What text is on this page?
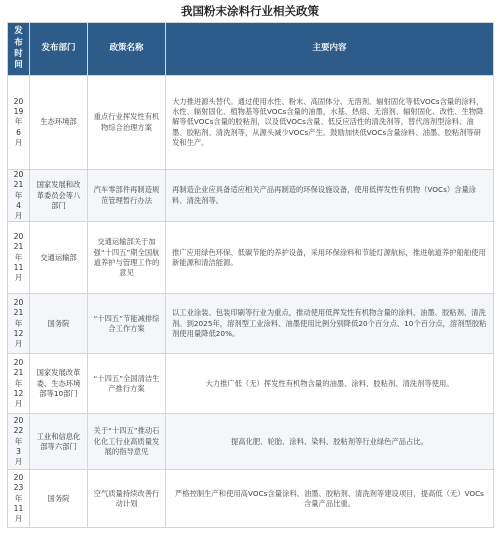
我国粉末涂料行业相关政策
发布时间	发布部门	政策名称	主要内容
2019年6月	生态环境部	重点行业挥发性有机物综合治理方案	大力推进源头替代。通过使用水性、粉末、高固体分、无溶剂、辐射固化等低VOCs含量的涂料，水性、辐射固化、植物基等低VOCs含量的油墨，水基、热熔、无溶剂、辐射固化、改性、生物降解等低VOCs含量的胶粘剂，以及低VOCs含量、低反应活性的清洗剂等，替代溶剂型涂料、油墨、胶粘剂、清洗剂等，从源头减少VOCs产生。鼓励加快低VOCs含量涂料、油墨、胶粘剂等研发和生产。
2021年4月	国家发展和改革委员会等八部门	汽车零部件再制造规范管理暂行办法	再制造企业应具备适应相关产品再制造的环保设施设备，使用低挥发性有机物（VOCs）含量涂料、清洗剂等。
2021年11月	交通运输部	交通运输部关于加强“十四五”期全国航道养护与管理工作的意见	推广应用绿色环保、低碳节能的养护设备，采用环保涂料和节能灯源航标，推进航道养护船舶使用新能源和清洁能源。
2021年12月	国务院	“十四五”节能减排综合工作方案	以工业涂装、包装印刷等行业为重点，推动使用低挥发性有机物含量的涂料、油墨、胶粘剂、清洗剂。到2025年，溶剂型工业涂料、油墨使用比例分别降低20个百分点、10个百分点，溶剂型胶粘剂使用量降低20%。
2021年12月	国家发展改革委、生态环境部等10部门	“十四五”全国清洁生产推行方案	大力推广低（无）挥发性有机物含量的油墨、涂料、胶粘剂、清洗剂等使用。
2022年3月	工业和信息化部等六部门	关于“十四五”推动石化化工行业高质量发展的指导意见	提高化肥、轮胎、涂料、染料、胶粘剂等行业绿色产品占比。
2023年11月	国务院	空气质量持续改善行动计划	严格控制生产和使用高VOCs含量涂料、油墨、胶粘剂、清洗剂等建设项目，提高低（无）VOCs含量产品比重。
